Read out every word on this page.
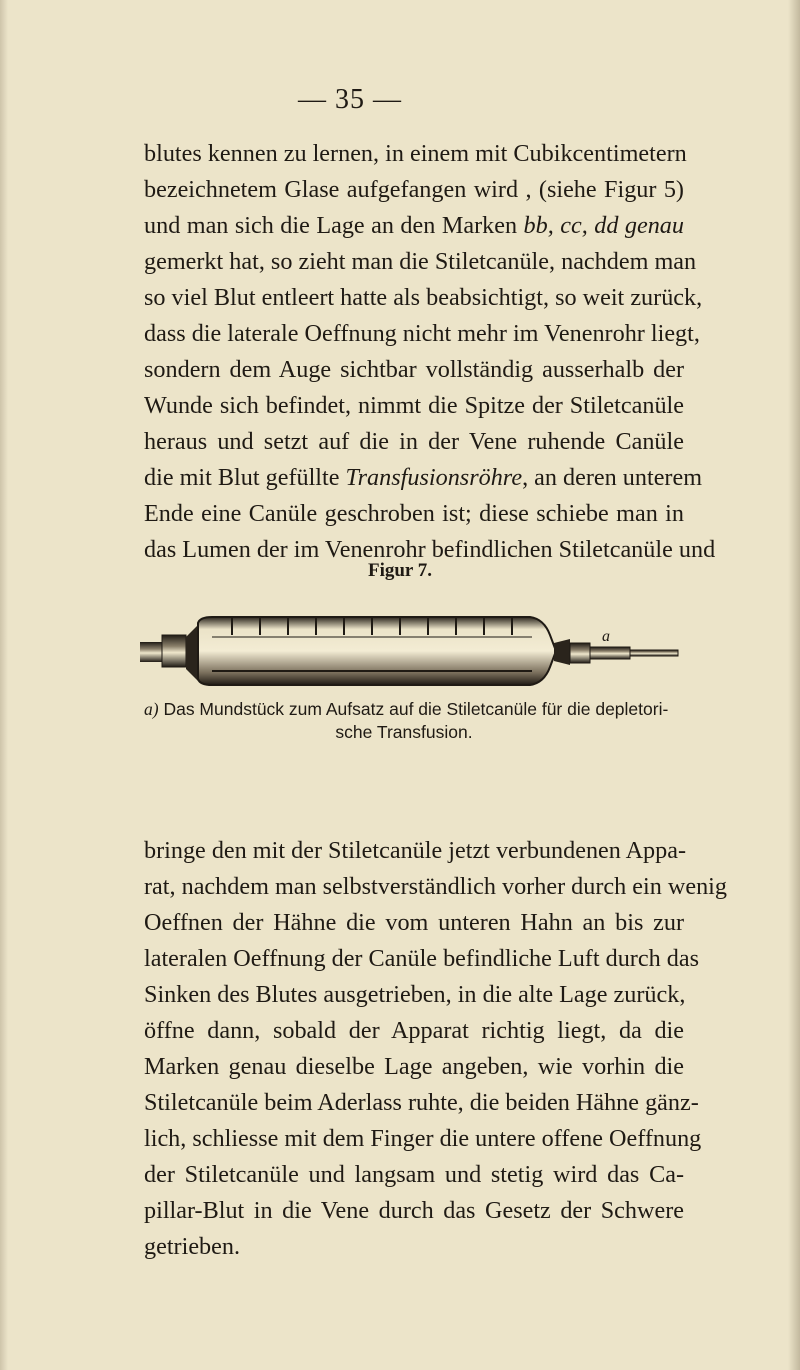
— 35 —
blutes kennen zu lernen, in einem mit Cubikcentimetern
bezeichnetem Glase aufgefangen wird , (siehe Figur 5)
und man sich die Lage an den Marken bb, cc, dd genau
gemerkt hat, so zieht man die Stiletcanüle, nachdem man
so viel Blut entleert hatte als beabsichtigt, so weit zurück,
dass die laterale Oeffnung nicht mehr im Venenrohr liegt,
sondern dem Auge sichtbar vollständig ausserhalb der
Wunde sich befindet, nimmt die Spitze der Stiletcanüle
heraus und setzt auf die in der Vene ruhende Canüle
die mit Blut gefüllte Transfusionsröhre, an deren unterem
Ende eine Canüle geschroben ist; diese schiebe man in
das Lumen der im Venenrohr befindlichen Stiletcanüle und
Figur 7.
a
a) Das Mundstück zum Aufsatz auf die Stiletcanüle für die depletori-
sche Transfusion.
bringe den mit der Stiletcanüle jetzt verbundenen Appa-
rat, nachdem man selbstverständlich vorher durch ein wenig
Oeffnen der Hähne die vom unteren Hahn an bis zur
lateralen Oeffnung der Canüle befindliche Luft durch das
Sinken des Blutes ausgetrieben, in die alte Lage zurück,
öffne dann, sobald der Apparat richtig liegt, da die
Marken genau dieselbe Lage angeben, wie vorhin die
Stiletcanüle beim Aderlass ruhte, die beiden Hähne gänz-
lich, schliesse mit dem Finger die untere offene Oeffnung
der Stiletcanüle und langsam und stetig wird das Ca-
pillar-Blut in die Vene durch das Gesetz der Schwere
getrieben.
